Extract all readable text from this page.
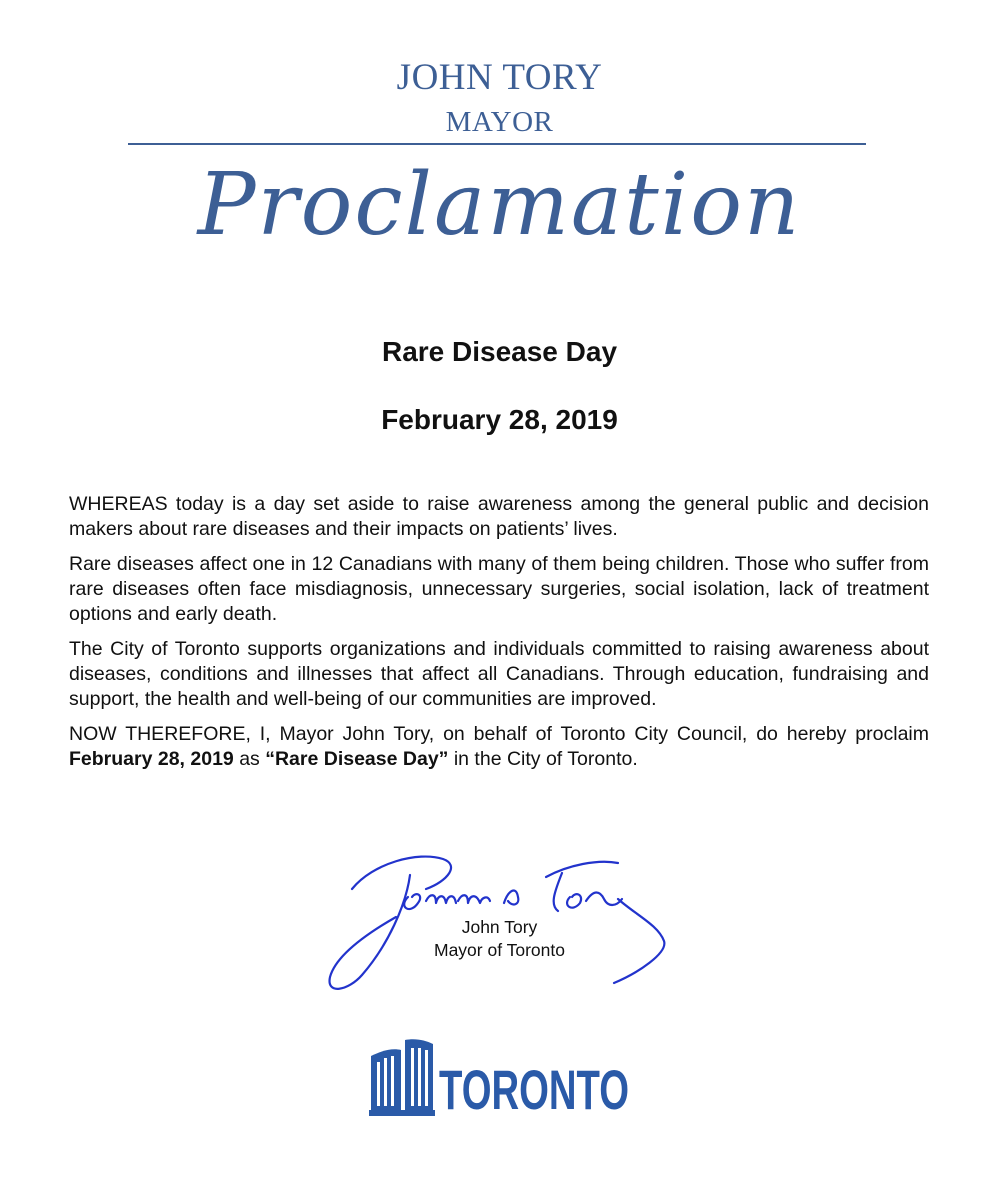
JOHN TORY
MAYOR
Proclamation
Rare Disease Day
February 28, 2019

WHEREAS today is a day set aside to raise awareness among the general public and decision makers about rare diseases and their impacts on patients’ lives.

Rare diseases affect one in 12 Canadians with many of them being children. Those who suffer from rare diseases often face misdiagnosis, unnecessary surgeries, social isolation, lack of treatment options and early death.

The City of Toronto supports organizations and individuals committed to raising awareness about diseases, conditions and illnesses that affect all Canadians. Through education, fundraising and support, the health and well-being of our communities are improved.

NOW THEREFORE, I, Mayor John Tory, on behalf of Toronto City Council, do hereby proclaim February 28, 2019 as “Rare Disease Day” in the City of Toronto.

John Tory
Mayor of Toronto
TORONTO
